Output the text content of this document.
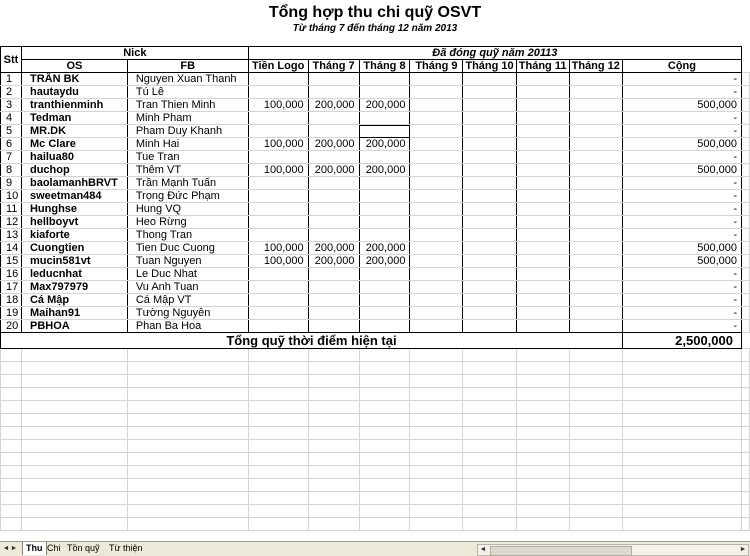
Tổng hợp thu chi quỹ OSVT
Từ tháng 7 đến tháng 12 năm 2013
Stt	Nick		Đã đóng quỹ năm 20113								
	OS	FB	Tiền Logo	Tháng 7	Tháng 8	Tháng 9	Tháng 10	Tháng 11	Tháng 12	Cộng	
1	TRẦN BK	Nguyen Xuan Thanh								-	
2	hautaydu	Tú Lê								-	
3	tranthienminh	Tran Thien Minh	100,000	200,000	200,000					500,000	
4	Tedman	Minh Pham								-	
5	MR.DK	Pham Duy Khanh								-	
6	Mc Clare	Minh Hai	100,000	200,000	200,000					500,000	
7	hailua80	Tue Tran								-	
8	duchop	Thêm VT	100,000	200,000	200,000					500,000	
9	baolamanhBRVT	Trần Mạnh Tuấn								-	
10	sweetman484	Trọng Đức Phạm								-	
11	Hunghse	Hung VQ								-	
12	hellboyvt	Heo Rừng								-	
13	kiaforte	Thong Tran								-	
14	Cuongtien	Tien Duc Cuong	100,000	200,000	200,000					500,000	
15	mucin581vt	Tuan Nguyen	100,000	200,000	200,000					500,000	
16	leducnhat	Le Duc Nhat								-	
17	Max797979	Vu Anh Tuan								-	
18	Cá Mập	Cá Mập VT								-	
19	Maihan91	Tường Nguyễn								-	
20	PBHOA	Phan Ba Hoa								-	
Tổng quỹ thời điểm hiện tại										2,500,000	

◄ ► Thu Chi Tồn quỹ	Từ thiện	◄	►
